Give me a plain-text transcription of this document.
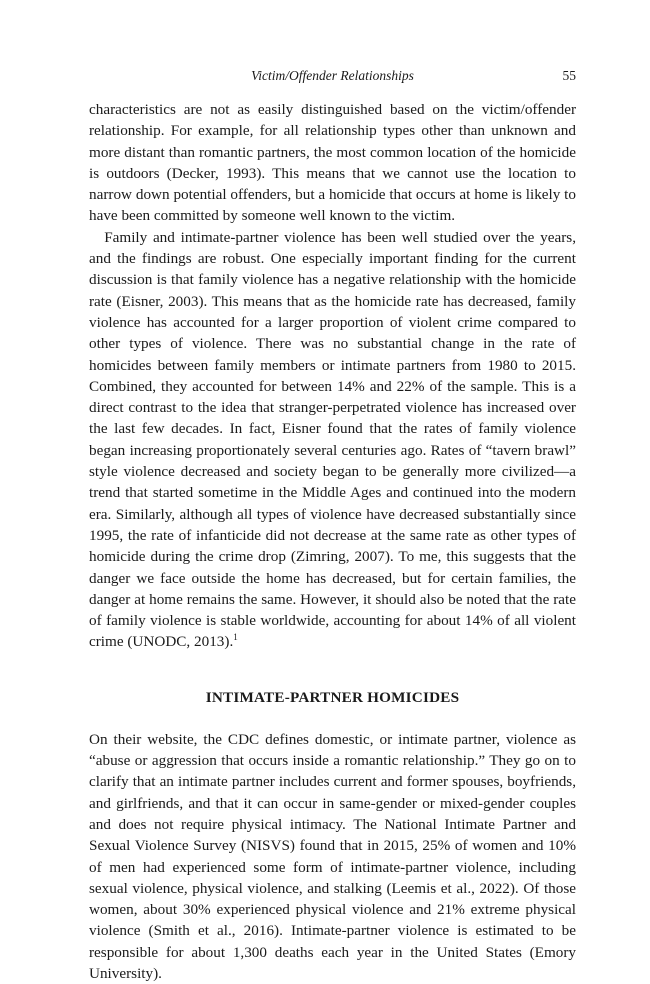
Victim/Offender Relationships	55

characteristics are not as easily distinguished based on the victim/offender relationship. For example, for all relationship types other than unknown and more distant than romantic partners, the most common location of the homicide is outdoors (Decker, 1993). This means that we cannot use the location to narrow down potential offenders, but a homicide that occurs at home is likely to have been committed by someone well known to the victim.

Family and intimate-partner violence has been well studied over the years, and the findings are robust. One especially important finding for the current discussion is that family violence has a negative relationship with the homicide rate (Eisner, 2003). This means that as the homicide rate has decreased, family violence has accounted for a larger proportion of violent crime compared to other types of violence. There was no substantial change in the rate of homicides between family members or intimate partners from 1980 to 2015. Combined, they accounted for between 14% and 22% of the sample. This is a direct contrast to the idea that stranger-perpetrated violence has increased over the last few decades. In fact, Eisner found that the rates of family violence began increasing proportionately several centuries ago. Rates of “tavern brawl” style violence decreased and society began to be generally more civilized—a trend that started sometime in the Middle Ages and continued into the modern era. Similarly, although all types of violence have decreased substantially since 1995, the rate of infanticide did not decrease at the same rate as other types of homicide during the crime drop (Zimring, 2007). To me, this suggests that the danger we face outside the home has decreased, but for certain families, the danger at home remains the same. However, it should also be noted that the rate of family violence is stable worldwide, accounting for about 14% of all violent crime (UNODC, 2013).$^1$

INTIMATE-PARTNER HOMICIDES

On their website, the CDC defines domestic, or intimate partner, violence as “abuse or aggression that occurs inside a romantic relationship.” They go on to clarify that an intimate partner includes current and former spouses, boyfriends, and girlfriends, and that it can occur in same-gender or mixed-gender couples and does not require physical intimacy. The National Intimate Partner and Sexual Violence Survey (NISVS) found that in 2015, 25% of women and 10% of men had experienced some form of intimate-partner violence, including sexual violence, physical violence, and stalking (Leemis et al., 2022). Of those women, about 30% experienced physical violence and 21% extreme physical violence (Smith et al., 2016). Intimate-partner violence is estimated to be responsible for about 1,300 deaths each year in the United States (Emory University).
